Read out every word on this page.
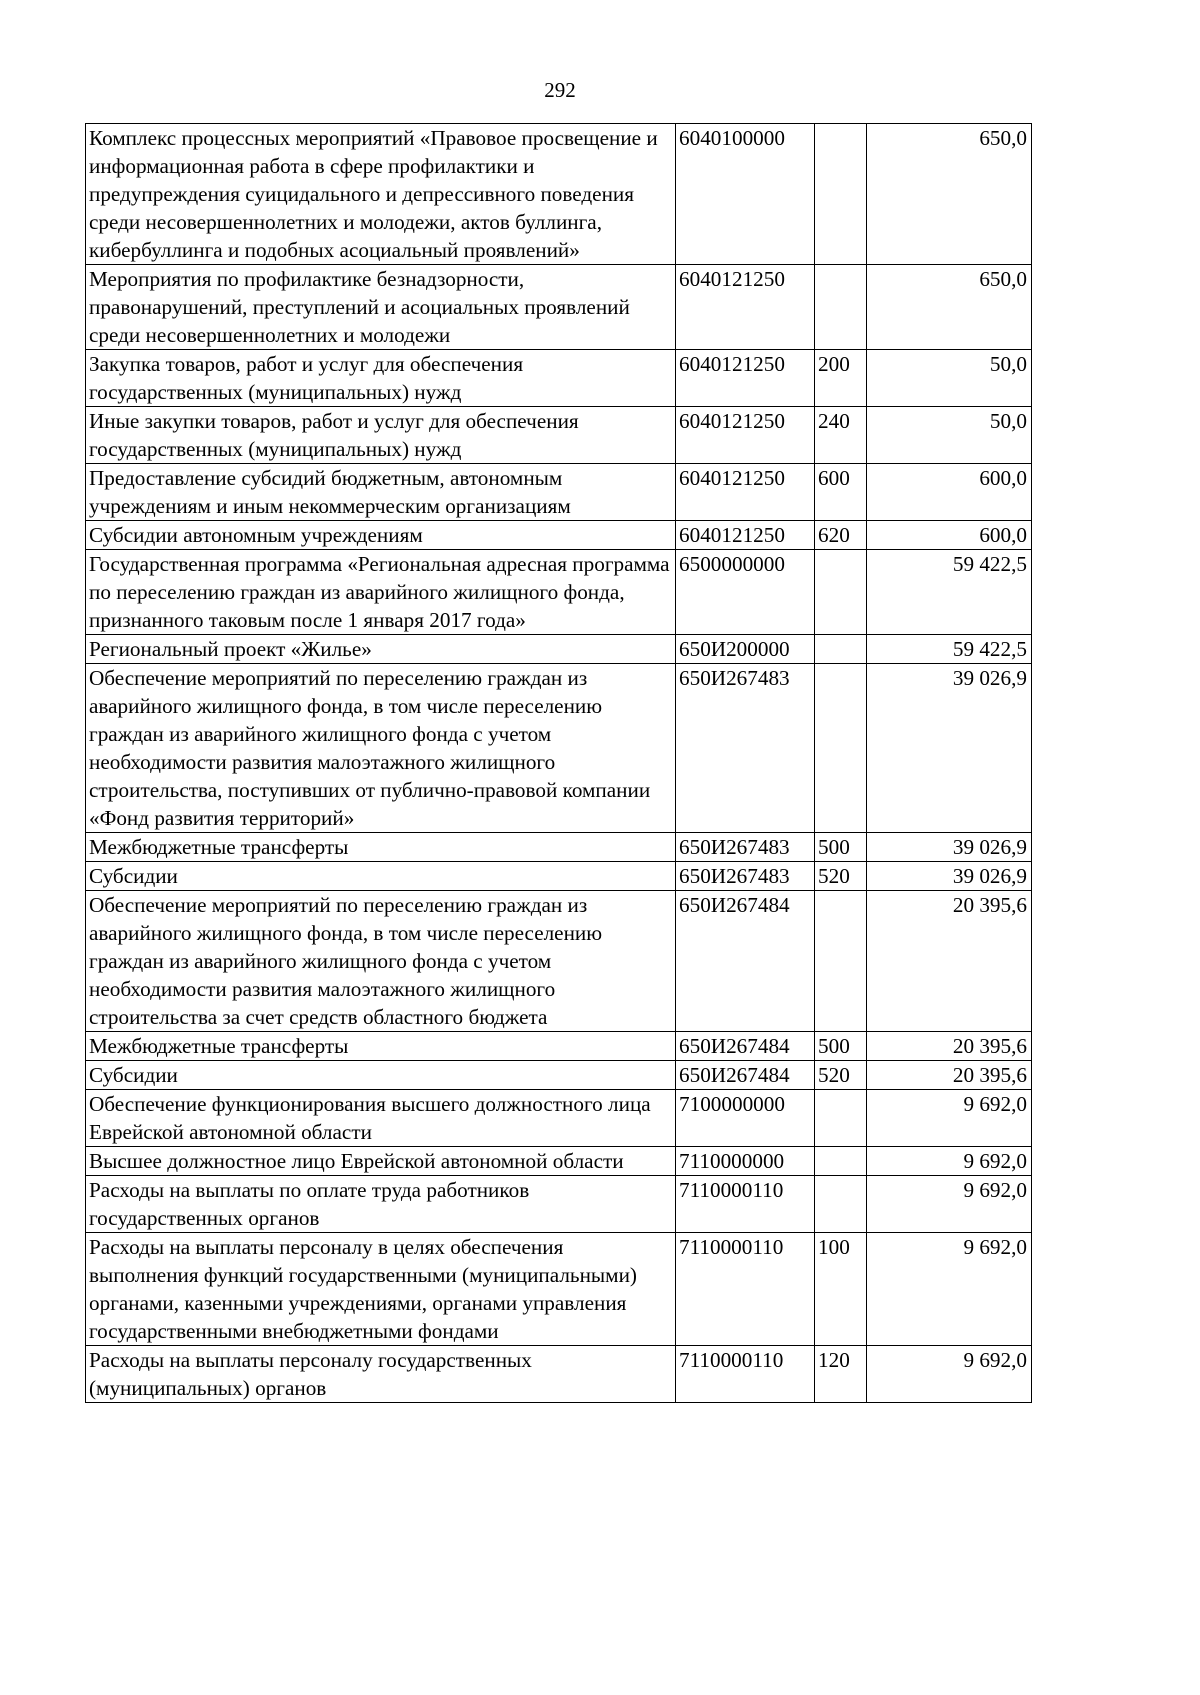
292
Комплекс процессных мероприятий «Правовое просвещение и информационная работа в сфере профилактики и предупреждения суицидального и депрессивного поведения среди несовершеннолетних и молодежи, актов буллинга, кибербуллинга и подобных асоциальный проявлений»	6040100000		650,0
Мероприятия по профилактике безнадзорности, правонарушений, преступлений и асоциальных проявлений среди несовершеннолетних и молодежи	6040121250		650,0
Закупка товаров, работ и услуг для обеспечения государственных (муниципальных) нужд	6040121250	200	50,0
Иные закупки товаров, работ и услуг для обеспечения государственных (муниципальных) нужд	6040121250	240	50,0
Предоставление субсидий бюджетным, автономным учреждениям и иным некоммерческим организациям	6040121250	600	600,0
Субсидии автономным учреждениям	6040121250	620	600,0
Государственная программа «Региональная адресная программа по переселению граждан из аварийного жилищного фонда, признанного таковым после 1 января 2017 года»	6500000000		59 422,5
Региональный проект «Жилье»	650И200000		59 422,5
Обеспечение мероприятий по переселению граждан из аварийного жилищного фонда, в том числе переселению граждан из аварийного жилищного фонда с учетом необходимости развития малоэтажного жилищного строительства, поступивших от публично-правовой компании «Фонд развития территорий»	650И267483		39 026,9
Межбюджетные трансферты	650И267483	500	39 026,9
Субсидии	650И267483	520	39 026,9
Обеспечение мероприятий по переселению граждан из аварийного жилищного фонда, в том числе переселению граждан из аварийного жилищного фонда с учетом необходимости развития малоэтажного жилищного строительства за счет средств областного бюджета	650И267484		20 395,6
Межбюджетные трансферты	650И267484	500	20 395,6
Субсидии	650И267484	520	20 395,6
Обеспечение функционирования высшего должностного лица Еврейской автономной области	7100000000		9 692,0
Высшее должностное лицо Еврейской автономной области	7110000000		9 692,0
Расходы на выплаты по оплате труда работников государственных органов	7110000110		9 692,0
Расходы на выплаты персоналу в целях обеспечения выполнения функций государственными (муниципальными) органами, казенными учреждениями, органами управления государственными внебюджетными фондами	7110000110	100	9 692,0
Расходы на выплаты персоналу государственных (муниципальных) органов	7110000110	120	9 692,0
